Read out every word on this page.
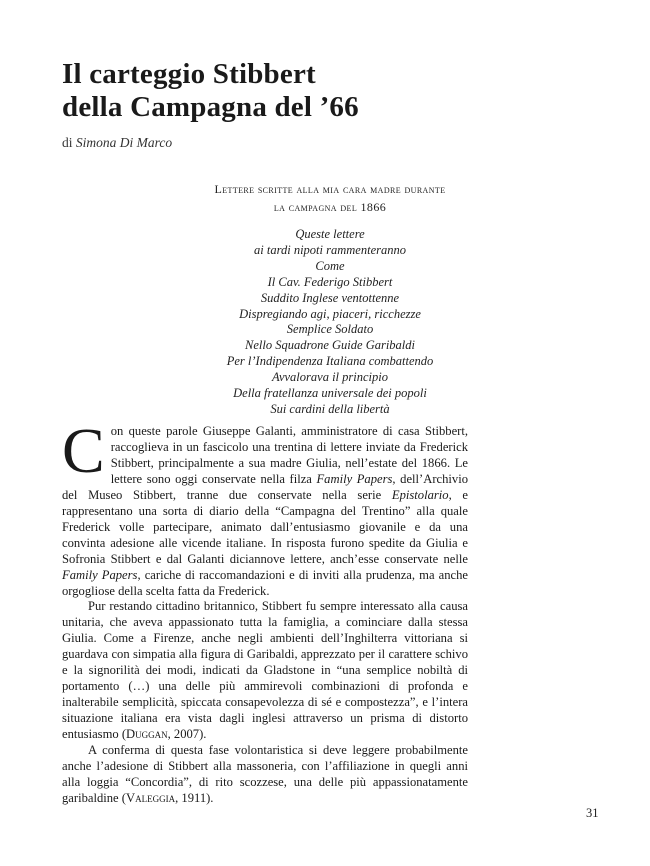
Il carteggio Stibbert
della Campagna del ’66
di Simona Di Marco
Lettere scritte alla mia cara madre durante
la campagna del 1866
Queste lettere
ai tardi nipoti rammenteranno
Come
Il Cav. Federigo Stibbert
Suddito Inglese ventottenne
Dispregiando agi, piaceri, ricchezze
Semplice Soldato
Nello Squadrone Guide Garibaldi
Per l’Indipendenza Italiana combattendo
Avvalorava il principio
Della fratellanza universale dei popoli
Sui cardini della libertà

Con queste parole Giuseppe Galanti, amministratore di casa Stibbert, raccoglieva in un fascicolo una trentina di lettere inviate da Frederick Stibbert, principalmente a sua madre Giulia, nell’estate del 1866. Le lettere sono oggi conservate nella filza Family Papers, dell’Archivio del Museo Stibbert, tranne due conservate nella serie Epistolario, e rappresentano una sorta di diario della “Campagna del Trentino” alla quale Frederick volle partecipare, animato dall’entusiasmo giovanile e da una convinta adesione alle vicende italiane. In risposta furono spedite da Giulia e Sofronia Stibbert e dal Galanti diciannove lettere, anch’esse conservate nelle Family Papers, cariche di raccomandazioni e di inviti alla prudenza, ma anche orgogliose della scelta fatta da Frederick.

Pur restando cittadino britannico, Stibbert fu sempre interessato alla causa unitaria, che aveva appassionato tutta la famiglia, a cominciare dalla stessa Giulia. Come a Firenze, anche negli ambienti dell’Inghilterra vittoriana si guardava con simpatia alla figura di Garibaldi, apprezzato per il carattere schivo e la signorilità dei modi, indicati da Gladstone in “una semplice nobiltà di portamento (…) una delle più ammirevoli combinazioni di profonda e inalterabile semplicità, spiccata consapevolezza di sé e compostezza”, e l’intera situazione italiana era vista dagli inglesi attraverso un prisma di distorto entusiasmo (Duggan, 2007).

A conferma di questa fase volontaristica si deve leggere probabilmente anche l’adesione di Stibbert alla massoneria, con l’affiliazione in quegli anni alla loggia “Concordia”, di rito scozzese, una delle più appassionatamente garibaldine (Valeggia, 1911).

31
